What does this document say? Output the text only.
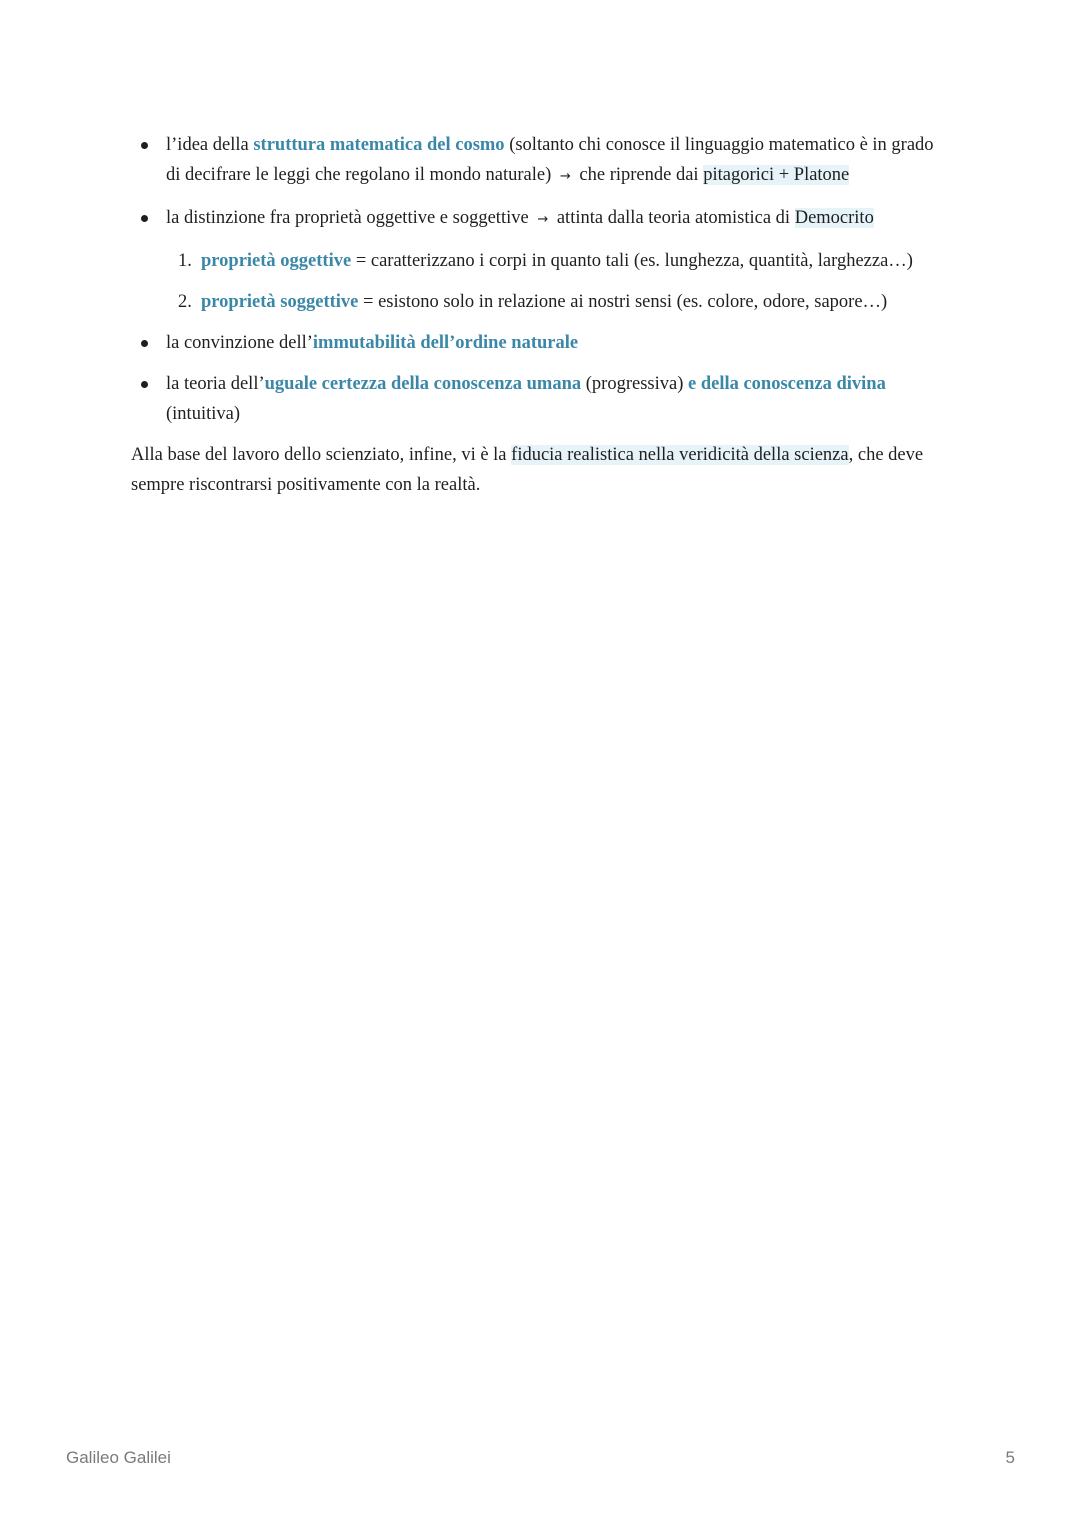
l’idea della struttura matematica del cosmo (soltanto chi conosce il linguaggio matematico è in grado di decifrare le leggi che regolano il mondo naturale) → che riprende dai pitagorici + Platone
la distinzione fra proprietà oggettive e soggettive → attinta dalla teoria atomistica di Democrito
1. proprietà oggettive = caratterizzano i corpi in quanto tali (es. lunghezza, quantità, larghezza…)
2. proprietà soggettive = esistono solo in relazione ai nostri sensi (es. colore, odore, sapore…)
la convinzione dell’immutabilità dell’ordine naturale
la teoria dell’uguale certezza della conoscenza umana (progressiva) e della conoscenza divina (intuitiva)

Alla base del lavoro dello scienziato, infine, vi è la fiducia realistica nella veridicità della scienza, che deve sempre riscontrarsi positivamente con la realtà.

Galileo Galilei	5
